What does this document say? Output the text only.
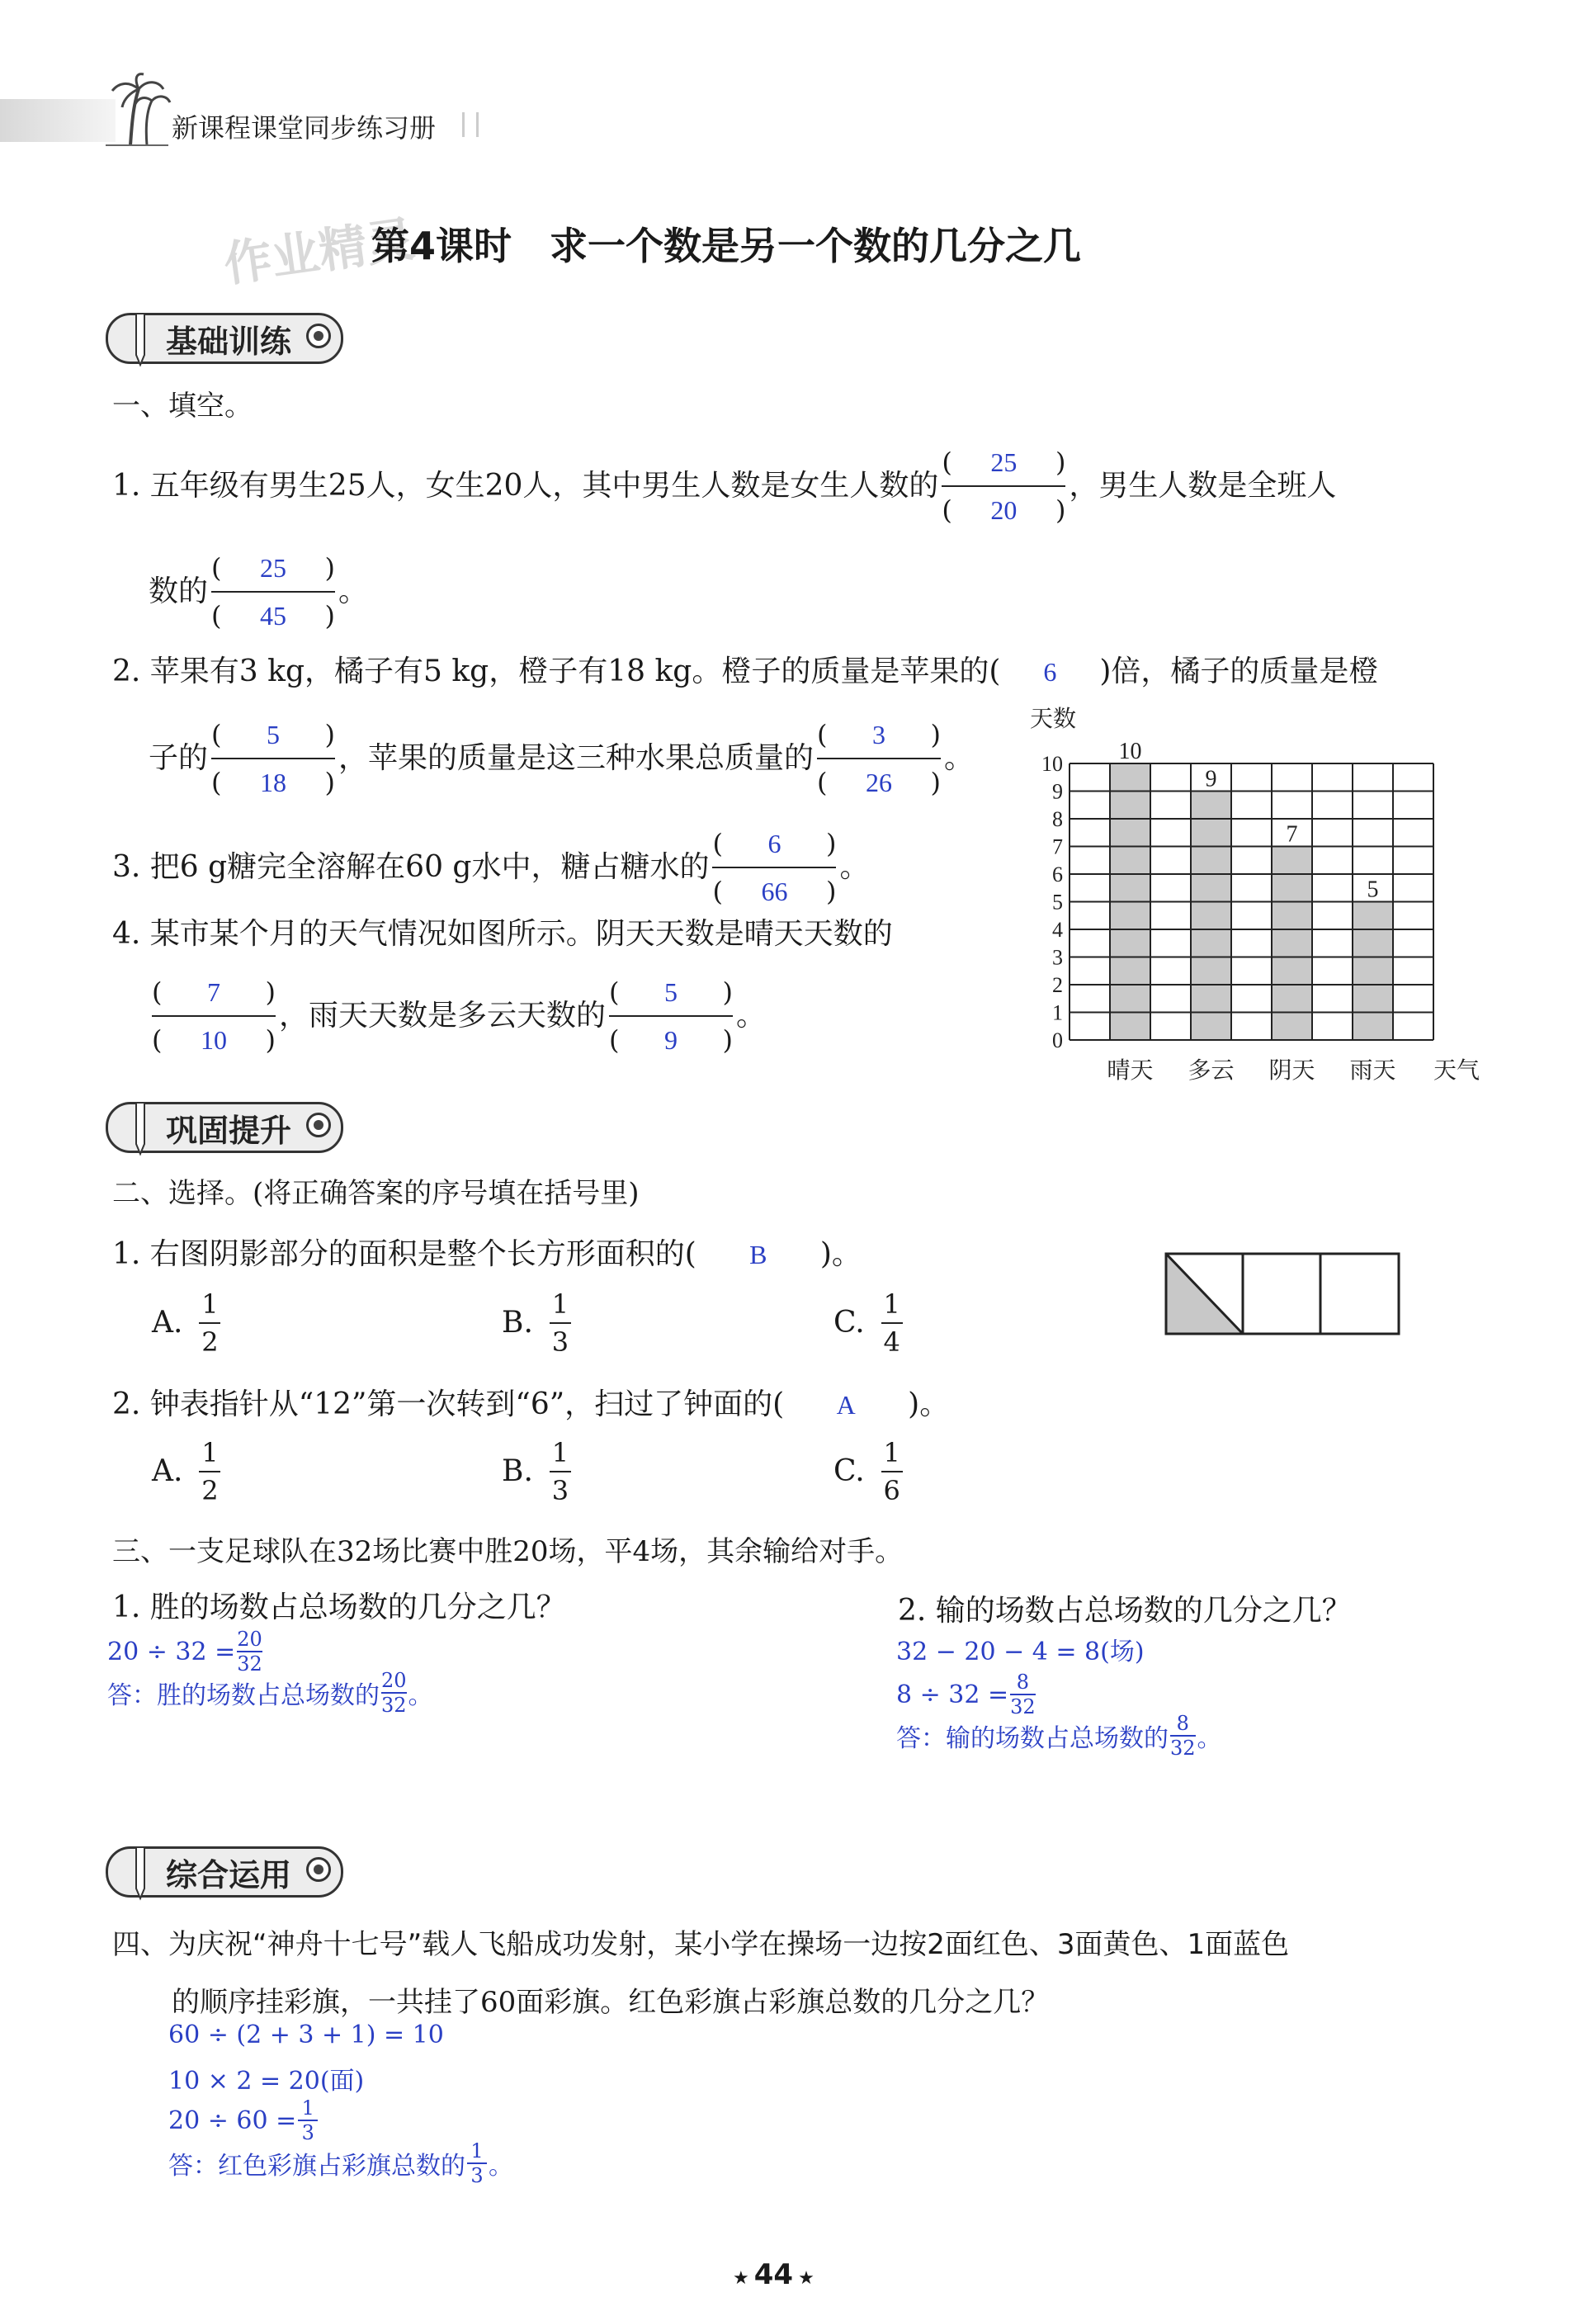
新课程课堂同步练习册
作业精灵
第4课时　求一个数是另一个数的几分之几
基础训练
一、填空。
1. 五年级有男生25人，女生20人，其中男生人数是女生人数的 (	25	)
(	20	) ，男生人数是全班人
数的 (	25	)
(	45	) 。
2. 苹果有3 kg，橘子有5 kg，橙子有18 kg。橙子的质量是苹果的(	6	)倍，橘子的质量是橙
子的 (	5	)
(	18	) ，苹果的质量是这三种水果总质量的 (	3	)
(	26	) 。
3. 把6 g糖完全溶解在60 g水中，糖占糖水的 (	6	)
(	66	) 。
4. 某市某个月的天气情况如图所示。阴天天数是晴天天数的
(	7	)
(	10	) ，雨天天数是多云天数的 (	5	)
(	9	) 。
0
1
2
3
4
5
6
7
8
9
10
天数
晴天 多云 阴天 雨天 天气
10
9
7
5
巩固提升
二、选择。(将正确答案的序号填在括号里)
1. 右图阴影部分的面积是整个长方形面积的(	B	)。
A.
1
2
B.
1
3
C.
1
4
2. 钟表指针从“12”第一次转到“6”，扫过了钟面的(	A	)。
A.
1
2
B.
1
3
C.
1
6
三、一支足球队在32场比赛中胜20场，平4场，其余输给对手。
1. 胜的场数占总场数的几分之几？
20 ÷ 32 = 20
32
答：胜的场数占总场数的
20
32 。
2. 输的场数占总场数的几分之几？
32 − 20 − 4 = 8(场)
8 ÷ 32 = 8
32
答：输的场数占总场数的
8
32 。
综合运用
四、为庆祝“神舟十七号”载人飞船成功发射，某小学在操场一边按2面红色、3面黄色、1面蓝色
的顺序挂彩旗，一共挂了60面彩旗。红色彩旗占彩旗总数的几分之几？
60 ÷ (2 + 3 + 1) = 10
10 × 2 = 20(面)
20 ÷ 60 = 1
3
答：红色彩旗占彩旗总数的
1
3 。
★ 44 ★
